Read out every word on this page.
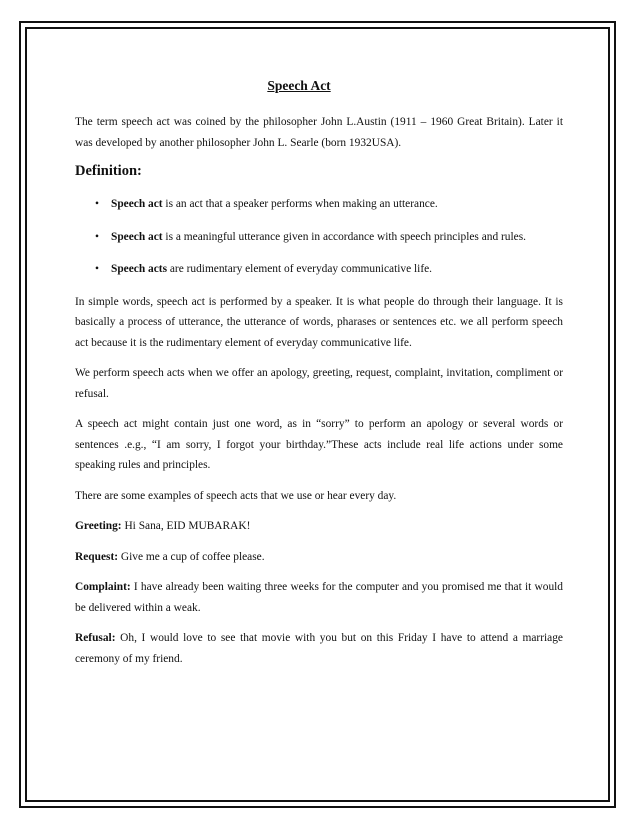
Speech Act

The term speech act was coined by the philosopher John L.Austin (1911 – 1960 Great Britain). Later it was developed by another philosopher John L. Searle (born 1932USA).

Definition:
• Speech act is an act that a speaker performs when making an utterance.
• Speech act is a meaningful utterance given in accordance with speech principles and rules.
• Speech acts are rudimentary element of everyday communicative life.

In simple words, speech act is performed by a speaker. It is what people do through their language. It is basically a process of utterance, the utterance of words, pharases or sentences etc. we all perform speech act because it is the rudimentary element of everyday communicative life.

We perform speech acts when we offer an apology, greeting, request, complaint, invitation, compliment or refusal.

A speech act might contain just one word, as in “sorry” to perform an apology or several words or sentences .e.g., “I am sorry, I forgot your birthday.”These acts include real life actions under some speaking rules and principles.

There are some examples of speech acts that we use or hear every day.

Greeting: Hi Sana, EID MUBARAK!

Request: Give me a cup of coffee please.

Complaint: I have already been waiting three weeks for the computer and you promised me that it would be delivered within a weak.

Refusal: Oh, I would love to see that movie with you but on this Friday I have to attend a marriage ceremony of my friend.
